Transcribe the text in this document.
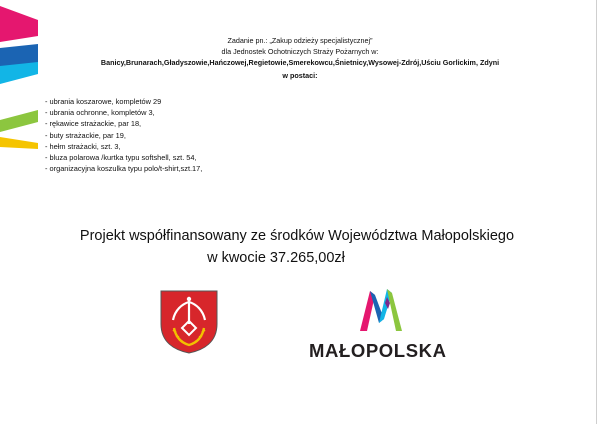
Zadanie pn.: „Zakup odzieży specjalistycznej”
dla Jednostek Ochotniczych Straży Pożarnych w:
Banicy,Brunarach,Gładyszowie,Hańczowej,Regietowie,Smerekowcu,Śnietnicy,Wysowej-Zdrój,Uściu Gorlickim, Zdyni
w postaci:
- ubrania koszarowe, kompletów 29
- ubrania ochronne, kompletów 3,
- rękawice strażackie, par 18,
- buty strażackie, par 19,
- hełm strażacki, szt. 3,
- bluza polarowa /kurtka typu softshell, szt. 54,
- organizacyjna koszulka typu polo/t-shirt,szt.17,
Projekt współfinansowany ze środków Województwa Małopolskiego
w kwocie 37.265,00zł
MAŁOPOLSKA
